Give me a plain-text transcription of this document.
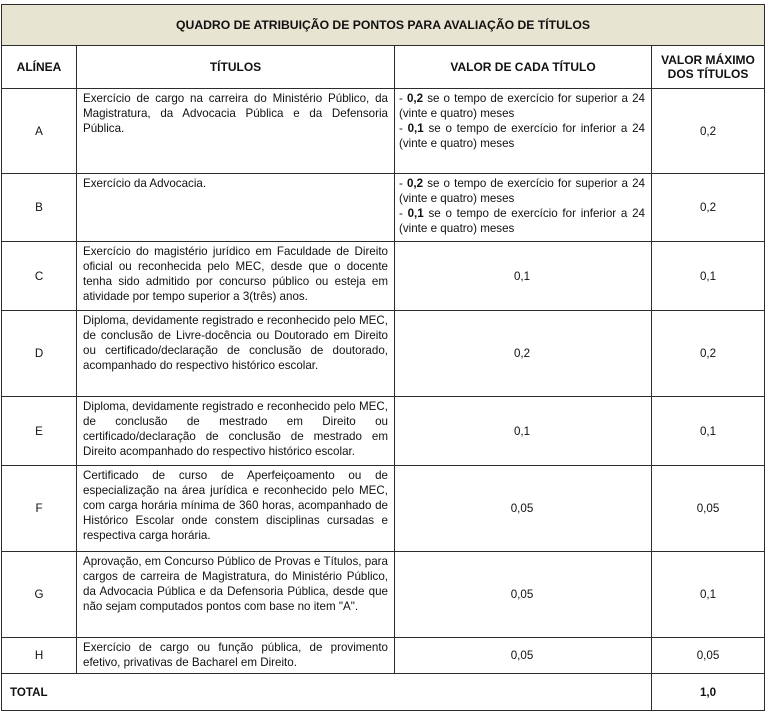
QUADRO DE ATRIBUIÇÃO DE PONTOS PARA AVALIAÇÃO DE TÍTULOS			
ALÍNEA	TÍTULOS	VALOR DE CADA TÍTULO	VALOR MÁXIMO
DOS TÍTULOS
A	Exercício de cargo na carreira do Ministério Público, da Magistratura, da Advocacia Pública e da Defensoria Pública.	- 0,2 se o tempo de exercício for superior a 24 (vinte e quatro) meses
- 0,1 se o tempo de exercício for inferior a 24 (vinte e quatro) meses	0,2
B	Exercício da Advocacia.	- 0,2 se o tempo de exercício for superior a 24 (vinte e quatro) meses
- 0,1 se o tempo de exercício for inferior a 24 (vinte e quatro) meses	0,2
C	Exercício do magistério jurídico em Faculdade de Direito oficial ou reconhecida pelo MEC, desde que o docente tenha sido admitido por concurso público ou esteja em atividade por tempo superior a 3(três) anos.	0,1	0,1
D	Diploma, devidamente registrado e reconhecido pelo MEC, de conclusão de Livre-docência ou Doutorado em Direito ou certificado/declaração de conclusão de doutorado, acompanhado do respectivo histórico escolar.	0,2	0,2
E	Diploma, devidamente registrado e reconhecido pelo MEC, de conclusão de mestrado em Direito ou certificado/declaração de conclusão de mestrado em Direito acompanhado do respectivo histórico escolar.	0,1	0,1
F	Certificado de curso de Aperfeiçoamento ou de especialização na área jurídica e reconhecido pelo MEC, com carga horária mínima de 360 horas, acompanhado de Histórico Escolar onde constem disciplinas cursadas e respectiva carga horária.	0,05	0,05
G	Aprovação, em Concurso Público de Provas e Títulos, para cargos de carreira de Magistratura, do Ministério Público, da Advocacia Pública e da Defensoria Pública, desde que não sejam computados pontos com base no item "A".	0,05	0,1
H	Exercício de cargo ou função pública, de provimento efetivo, privativas de Bacharel em Direito.	0,05	0,05
TOTAL			1,0
